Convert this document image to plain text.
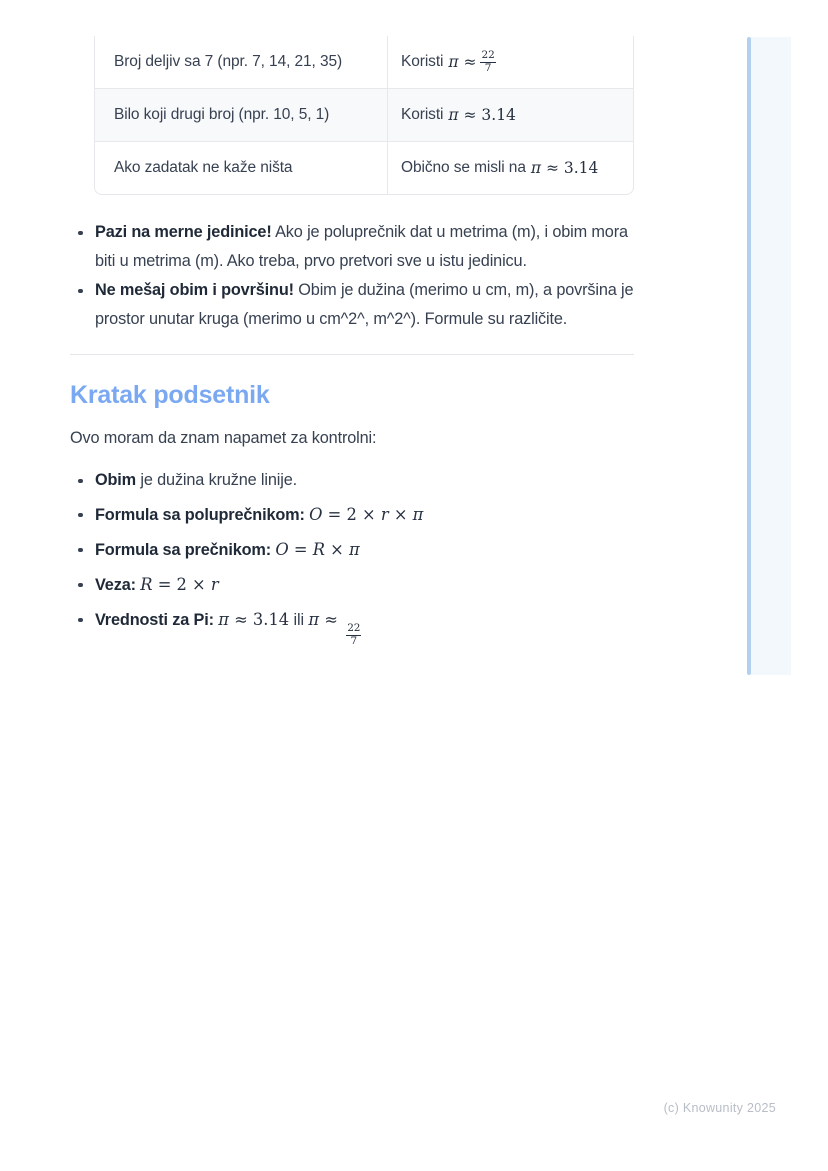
Broj deljiv sa 7 (npr. 7, 14, 21, 35)	Koristi $\pi \approx \frac{22}{7}$
Bilo koji drugi broj (npr. 10, 5, 1)	Koristi π ≈ 3.14
Ako zadatak ne kaže ništa	Obično se misli na π ≈ 3.14
Pazi na merne jedinice! Ako je poluprečnik dat u metrima (m), i obim mora biti u metrima (m). Ako treba, prvo pretvori sve u istu jedinicu.
Ne mešaj obim i površinu! Obim je dužina (merimo u cm, m), a površina je prostor unutar kruga (merimo u cm^2^, m^2^). Formule su različite.
Kratak podsetnik

Ovo moram da znam napamet za kontrolni:

Obim je dužina kružne linije.
Formula sa poluprečnikom: O = 2 × r × π
Formula sa prečnikom: O = R × π
Veza: R = 2 × r
Vrednosti za Pi: π ≈ 3.14 ili π ≈
$\frac{22}{7}$
(c) Knowunity 2025
